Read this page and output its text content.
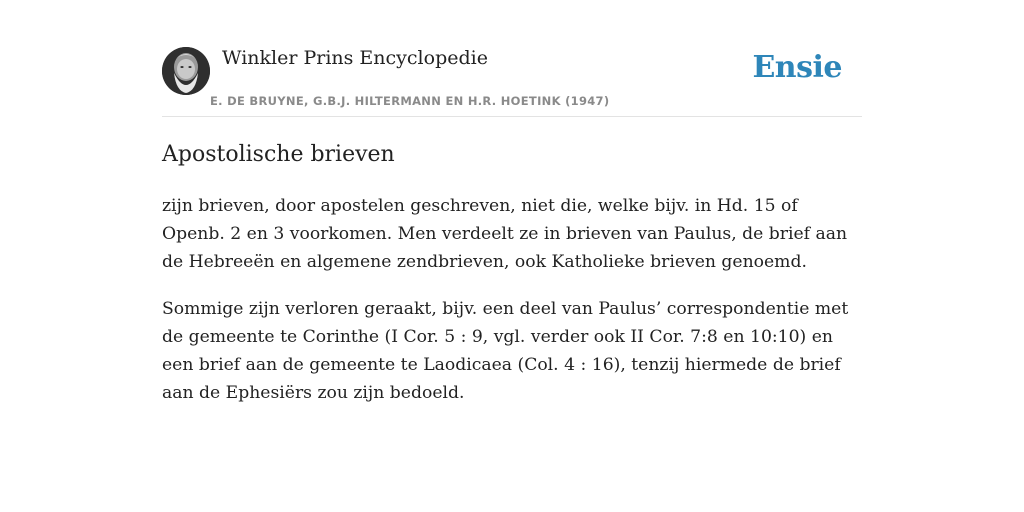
Winkler Prins Encyclopedie
E. DE BRUYNE, G.B.J. HILTERMANN EN H.R. HOETINK (1947)
Ensie
Apostolische brieven

zijn brieven, door apostelen geschreven, niet die, welke bijv. in Hd. 15 of Openb. 2 en 3 voorkomen. Men verdeelt ze in brieven van Paulus, de brief aan de Hebreeën en algemene zendbrieven, ook Katholieke brieven genoemd.

Sommige zijn verloren geraakt, bijv. een deel van Paulus’ correspondentie met de gemeente te Corinthe (I Cor. 5 : 9, vgl. verder ook II Cor. 7:8 en 10:10) en een brief aan de gemeente te Laodicaea (Col. 4 : 16), tenzij hiermede de brief aan de Ephesiërs zou zijn bedoeld.
